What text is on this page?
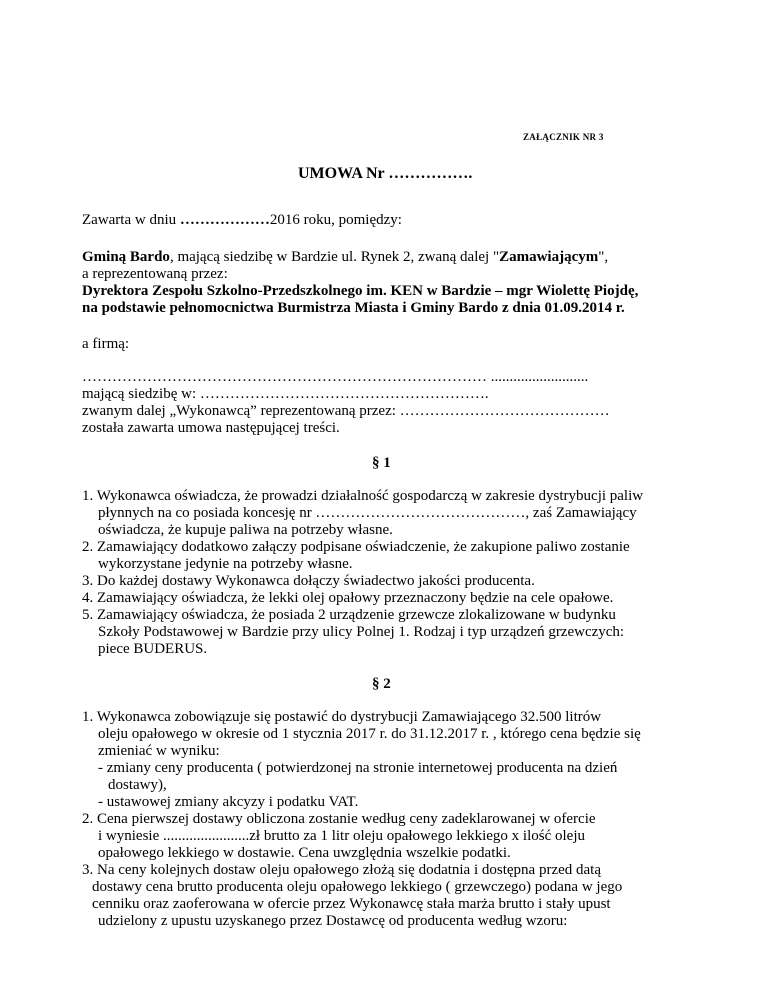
ZAŁĄCZNIK NR 3
UMOWA Nr …………….
Zawarta w dniu ………………2016 roku, pomiędzy:
Gminą Bardo, mającą siedzibę w Bardzie ul. Rynek 2, zwaną dalej "Zamawiającym",
a reprezentowaną przez:
Dyrektora Zespołu Szkolno-Przedszkolnego im. KEN w Bardzie – mgr Wiolettę Piojdę,
na podstawie pełnomocnictwa Burmistrza Miasta i Gminy Bardo z dnia 01.09.2014 r.
a firmą:
……………………………………………………………………… ..........................
mającą siedzibę w: ………………………………………………….
zwanym dalej „Wykonawcą” reprezentowaną przez: ……………………………………
została zawarta umowa następującej treści.
§ 1
1. Wykonawca oświadcza, że prowadzi działalność gospodarczą w zakresie dystrybucji paliw
płynnych na co posiada koncesję nr ……………………………………, zaś Zamawiający
oświadcza, że kupuje paliwa na potrzeby własne.
2. Zamawiający dodatkowo załączy podpisane oświadczenie, że zakupione paliwo zostanie
wykorzystane jedynie na potrzeby własne.
3. Do każdej dostawy Wykonawca dołączy świadectwo jakości producenta.
4. Zamawiający oświadcza, że lekki olej opałowy przeznaczony będzie na cele opałowe.
5. Zamawiający oświadcza, że posiada 2 urządzenie grzewcze zlokalizowane w budynku
Szkoły Podstawowej w Bardzie przy ulicy Polnej 1. Rodzaj i typ urządzeń grzewczych:
piece BUDERUS.
§ 2
1. Wykonawca zobowiązuje się postawić do dystrybucji Zamawiającego 32.500 litrów
oleju opałowego w okresie od 1 stycznia 2017 r. do 31.12.2017 r. , którego cena będzie się
zmieniać w wyniku:
- zmiany ceny producenta ( potwierdzonej na stronie internetowej producenta na dzień
dostawy),
- ustawowej zmiany akcyzy i podatku VAT.
2. Cena pierwszej dostawy obliczona zostanie według ceny zadeklarowanej w ofercie
i wyniesie .......................zł brutto za 1 litr oleju opałowego lekkiego x ilość oleju
opałowego lekkiego w dostawie. Cena uwzględnia wszelkie podatki.
3. Na ceny kolejnych dostaw oleju opałowego złożą się dodatnia i dostępna przed datą
dostawy cena brutto producenta oleju opałowego lekkiego ( grzewczego) podana w jego
cenniku oraz zaoferowana w ofercie przez Wykonawcę stała marża brutto i stały upust
udzielony z upustu uzyskanego przez Dostawcę od producenta według wzoru:
